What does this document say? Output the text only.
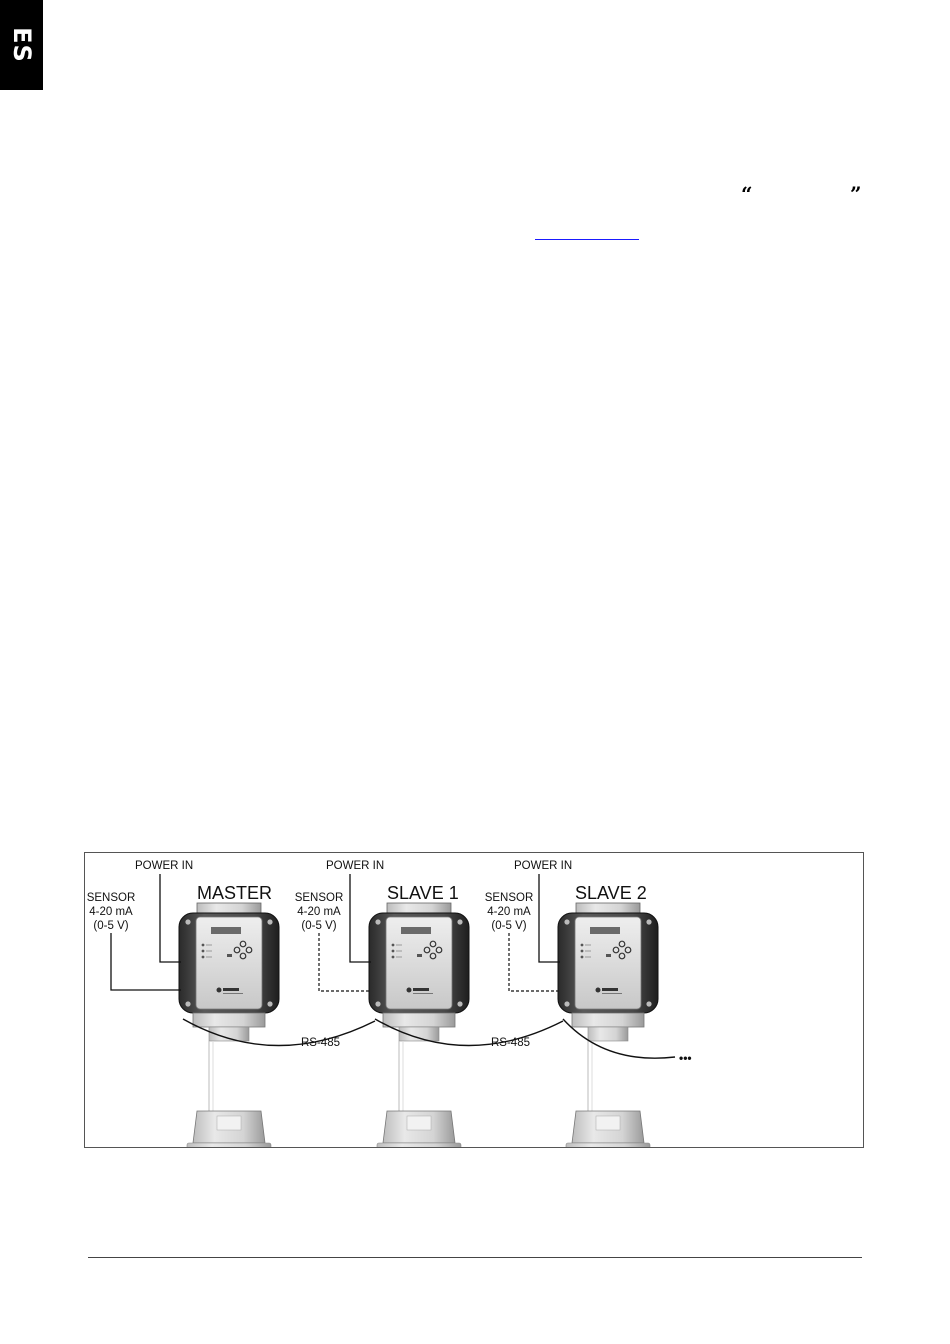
ES
“	”
POWER IN	POWER IN	POWER IN
MASTER	SLAVE 1	SLAVE 2
SENSOR
4-20 mA
(0-5 V)
SENSOR
4-20 mA
(0-5 V)
SENSOR
4-20 mA
(0-5 V)
RS-485	RS-485
•••
